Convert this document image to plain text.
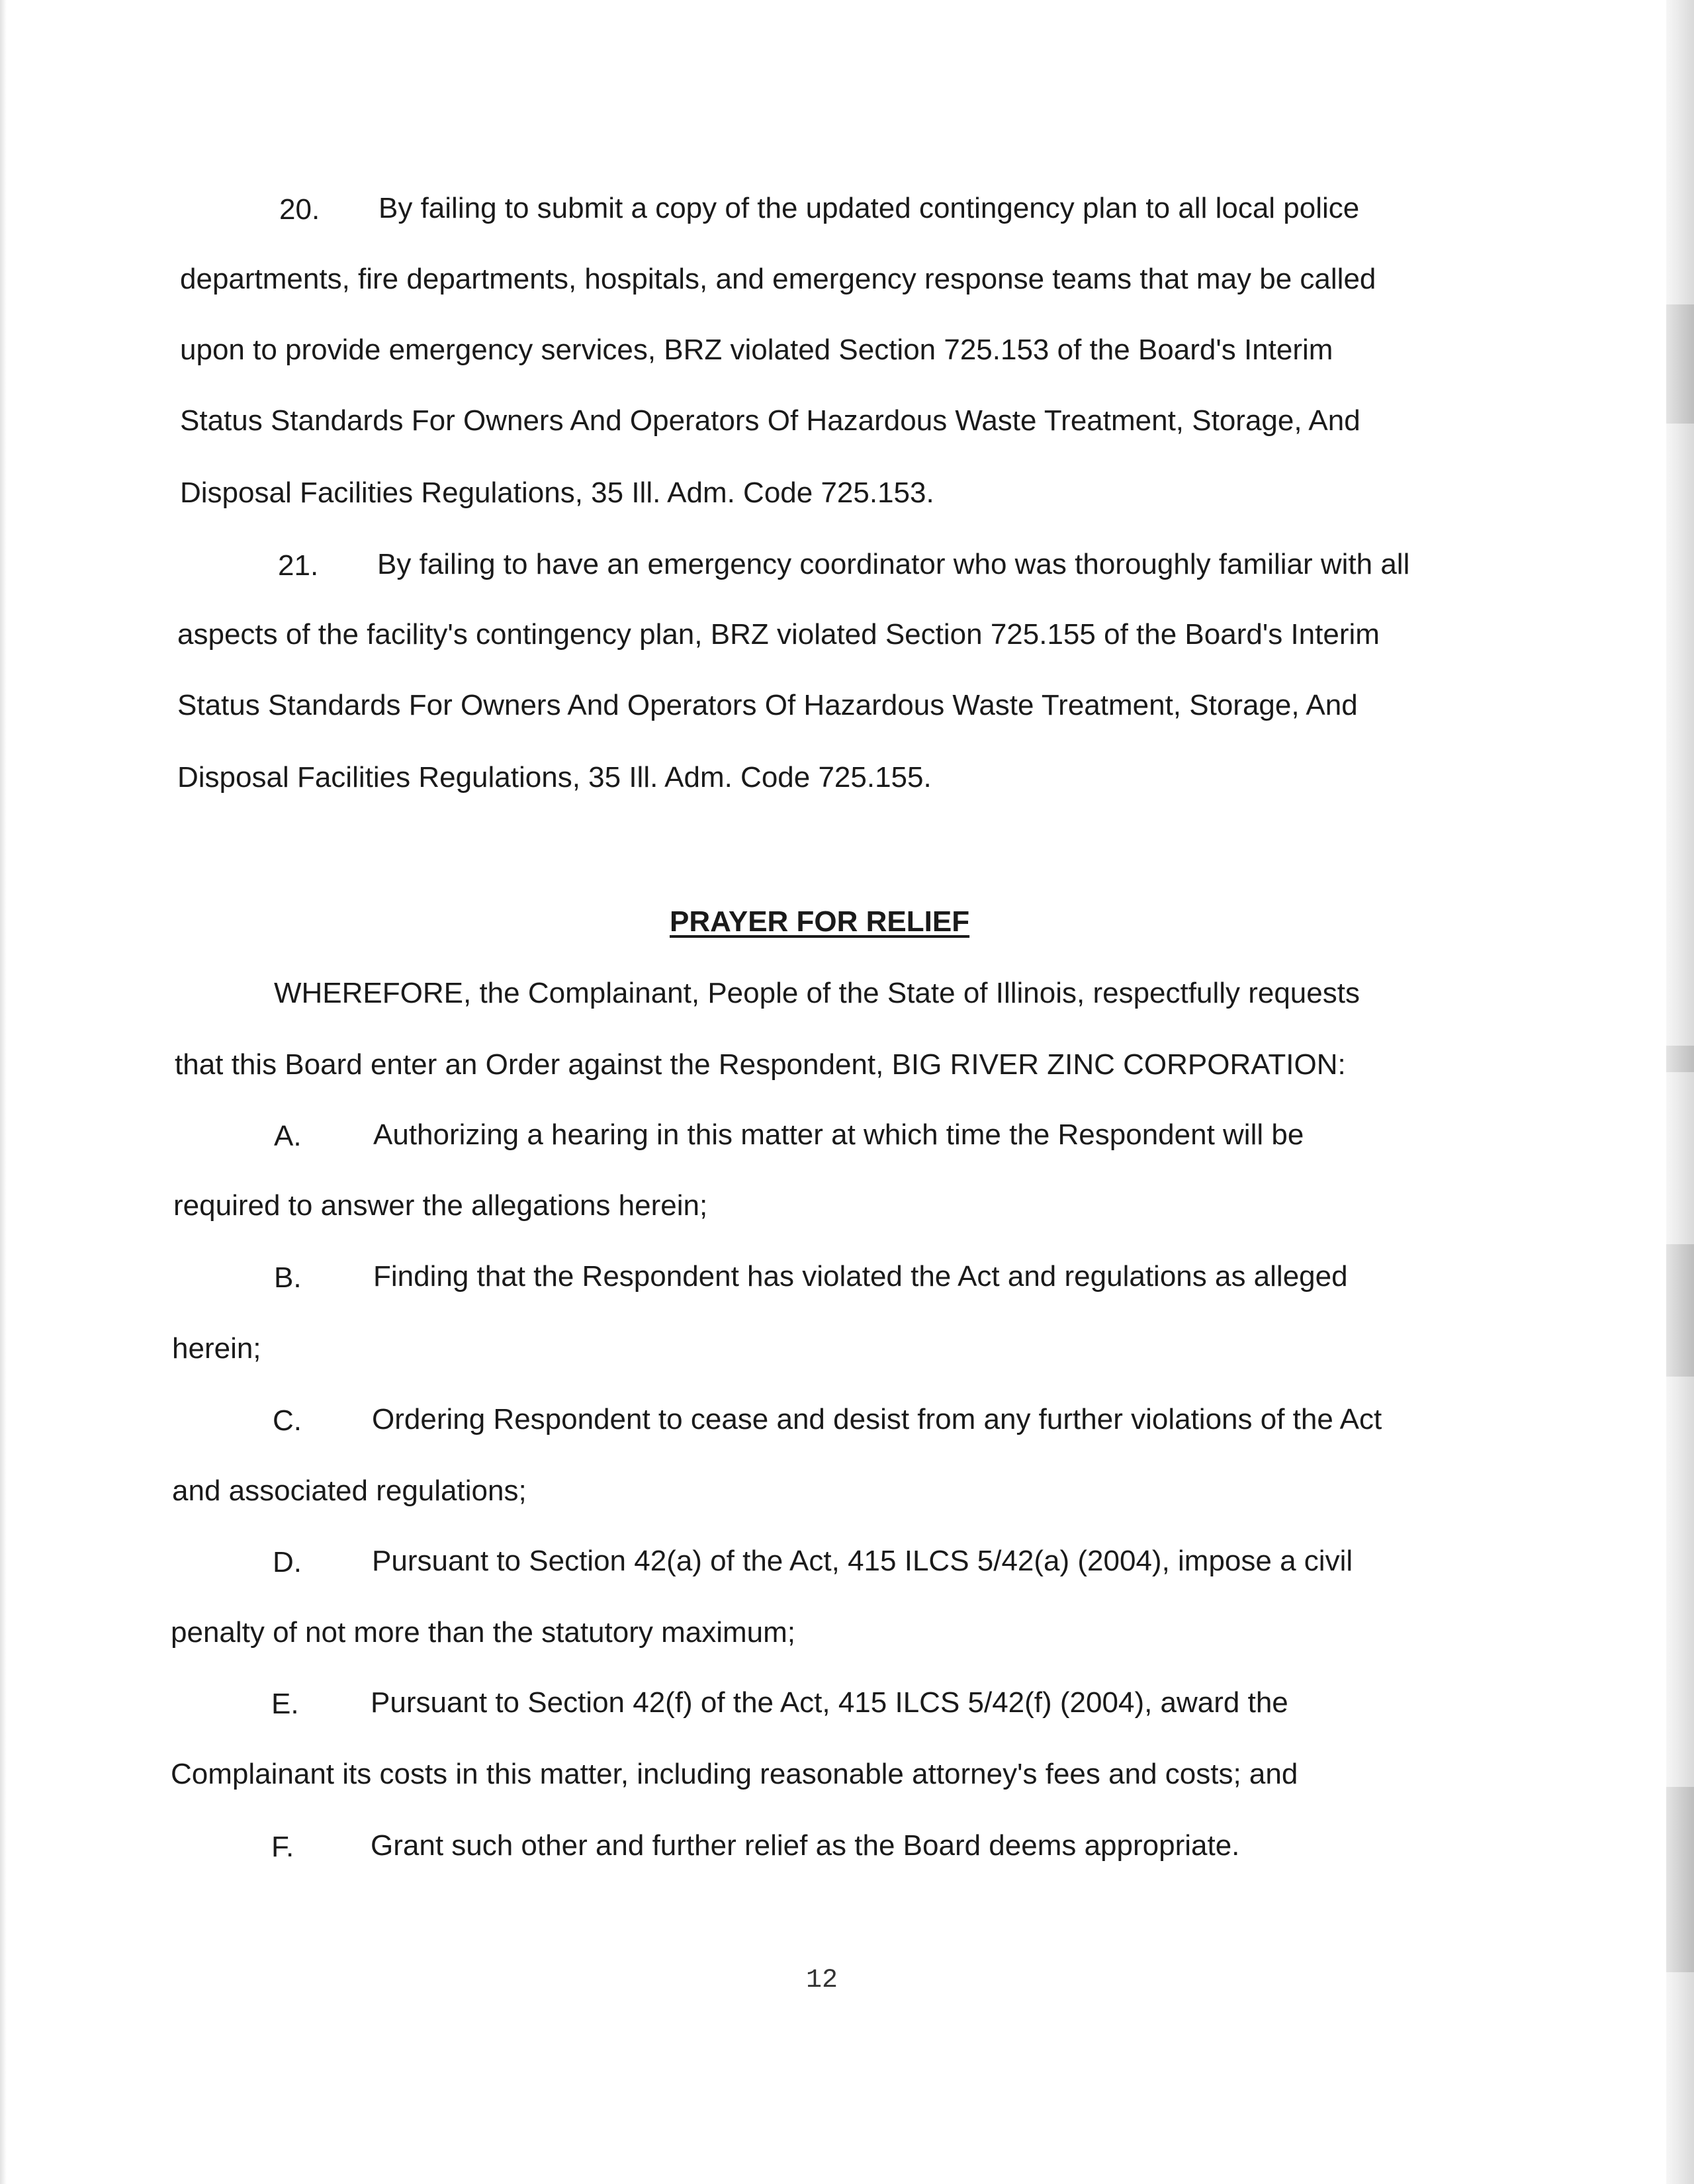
20. By failing to submit a copy of the updated contingency plan to all local police
departments, fire departments, hospitals, and emergency response teams that may be called
upon to provide emergency services, BRZ violated Section 725.153 of the Board's Interim
Status Standards For Owners And Operators Of Hazardous Waste Treatment, Storage, And
Disposal Facilities Regulations, 35 Ill. Adm. Code 725.153.
21. By failing to have an emergency coordinator who was thoroughly familiar with all
aspects of the facility's contingency plan, BRZ violated Section 725.155 of the Board's Interim
Status Standards For Owners And Operators Of Hazardous Waste Treatment, Storage, And
Disposal Facilities Regulations, 35 Ill. Adm. Code 725.155.
PRAYER FOR RELIEF
WHEREFORE, the Complainant, People of the State of Illinois, respectfully requests
that this Board enter an Order against the Respondent, BIG RIVER ZINC CORPORATION:
A. Authorizing a hearing in this matter at which time the Respondent will be
required to answer the allegations herein;
B. Finding that the Respondent has violated the Act and regulations as alleged
herein;
C. Ordering Respondent to cease and desist from any further violations of the Act
and associated regulations;
D. Pursuant to Section 42(a) of the Act, 415 ILCS 5/42(a) (2004), impose a civil
penalty of not more than the statutory maximum;
E. Pursuant to Section 42(f) of the Act, 415 ILCS 5/42(f) (2004), award the
Complainant its costs in this matter, including reasonable attorney's fees and costs; and
F.	Grant such other and further relief as the Board deems appropriate.
12
